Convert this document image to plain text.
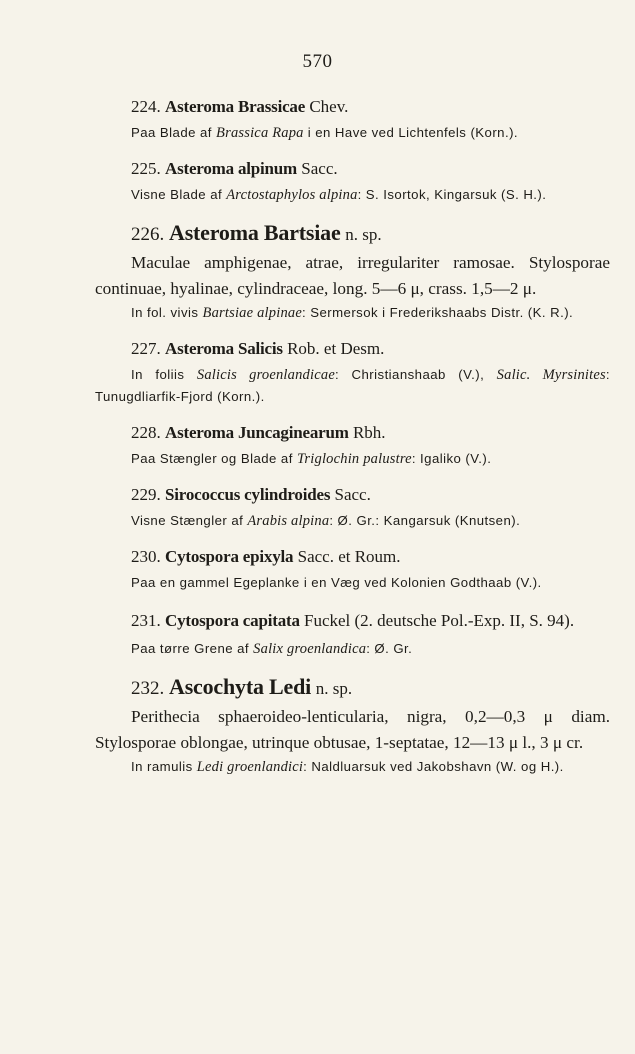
570

224. Asteroma Brassicae Chev.

Paa Blade af Brassica Rapa i en Have ved Lichtenfels (Korn.).

225. Asteroma alpinum Sacc.

Visne Blade af Arctostaphylos alpina: S. Isortok, Kingarsuk (S. H.).

226. Asteroma Bartsiae n. sp.

Maculae amphigenae, atrae, irregulariter ramosae. Stylosporae continuae, hyalinae, cylindraceae, long. 5—6 μ, crass. 1,5—2 μ.

In fol. vivis Bartsiae alpinae: Sermersok i Frederikshaabs Distr. (K. R.).

227. Asteroma Salicis Rob. et Desm.

In foliis Salicis groenlandicae: Christianshaab (V.), Salic. Myrsinites: Tunugdliarfik-Fjord (Korn.).

228. Asteroma Juncaginearum Rbh.

Paa Stængler og Blade af Triglochin palustre: Igaliko (V.).

229. Sirococcus cylindroides Sacc.

Visne Stængler af Arabis alpina: Ø. Gr.: Kangarsuk (Knutsen).

230. Cytospora epixyla Sacc. et Roum.

Paa en gammel Egeplanke i en Væg ved Kolonien Godthaab (V.).

231. Cytospora capitata Fuckel (2. deutsche Pol.-Exp. II, S. 94).

Paa tørre Grene af Salix groenlandica: Ø. Gr.

232. Ascochyta Ledi n. sp.

Perithecia sphaeroideo-lenticularia, nigra, 0,2—0,3 μ diam. Stylosporae oblongae, utrinque obtusae, 1-septatae, 12—13 μ l., 3 μ cr.

In ramulis Ledi groenlandici: Naldluarsuk ved Jakobshavn (W. og H.).
